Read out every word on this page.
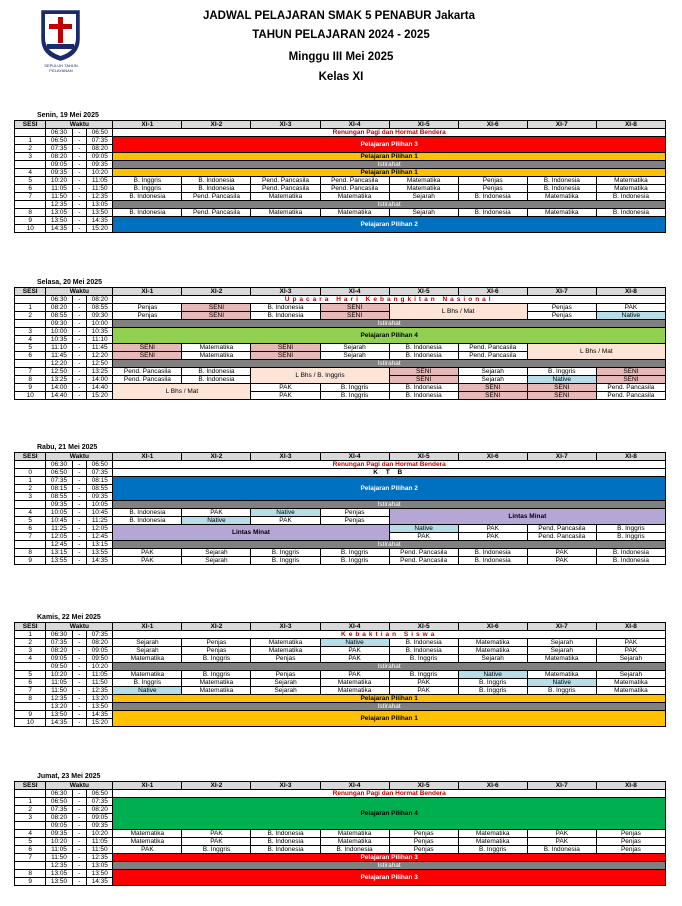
SEPULUH TAHUN PELAYANAN
JADWAL PELAJARAN SMAK 5 PENABUR Jakarta
TAHUN PELAJARAN 2024 - 2025
Minggu III Mei 2025
Kelas XI
Senin, 19 Mei 2025
SESI	Waktu			XI-1	XI-2	XI-3	XI-4	XI-5	XI-6	XI-7	XI-8
	06:30	-	06:50	Renungan Pagi dan Hormat Bendera							
1	06:50	-	07:35	Pelajaran Pilihan 3							
2	07:35	-	08:20								
3	08:20	-	09:05	Pelajaran Pilihan 1							
	09:05	-	09:35	Istirahat							
4	09:35	-	10:20	Pelajaran Pilihan 1							
5	10:20	-	11:05	B. Inggris	B. Indonesia	Pend. Pancasila	Pend. Pancasila	Matematika	Penjas	B. Indonesia	Matematika
6	11:05	-	11:50	B. Inggris	B. Indonesia	Pend. Pancasila	Pend. Pancasila	Matematika	Penjas	B. Indonesia	Matematika
7	11:50	-	12:35	B. Indonesia	Pend. Pancasila	Matematika	Matematika	Sejarah	B. Indonesia	Matematika	B. Indonesia
	12:35	-	13:05	Istirahat							
8	13:05	-	13:50	B. Indonesia	Pend. Pancasila	Matematika	Matematika	Sejarah	B. Indonesia	Matematika	B. Indonesia
9	13:50	-	14:35	Pelajaran Pilihan 2							
10	14:35	-	15:20								
Selasa, 20 Mei 2025
SESI	Waktu			XI-1	XI-2	XI-3	XI-4	XI-5	XI-6	XI-7	XI-8
	06:30	-	08:20	Upacara Hari Kebangkitan Nasional							
1	08:20	-	08:55	Penjas	SENI	B. Indonesia	SENI	L Bhs / Mat		Penjas	PAK
2	08:55	-	09:30	Penjas	SENI	B. Indonesia	SENI			Penjas	Native
	09:30	-	10:00	Istirahat							
3	10:00	-	10:35	Pelajaran Pilihan 4							
4	10:35	-	11:10								
5	11:10	-	11:45	SENI	Matematika	SENI	Sejarah	B. Indonesia	Pend. Pancasila	L Bhs / Mat	
6	11:45	-	12:20	SENI	Matematika	SENI	Sejarah	B. Indonesia	Pend. Pancasila		
	12:20	-	12:50	Istirahat							
7	12:50	-	13:25	Pend. Pancasila	B. Indonesia	L Bhs / B. Inggris		SENI	Sejarah	B. Inggris	SENI
8	13:25	-	14:00	Pend. Pancasila	B. Indonesia			SENI	Sejarah	Native	SENI
9	14:00	-	14:40	L Bhs / Mat		PAK	B. Inggris	B. Indonesia	SENI	SENI	Pend. Pancasila
10	14:40	-	15:20			PAK	B. Inggris	B. Indonesia	SENI	SENI	Pend. Pancasila
Rabu, 21 Mei 2025
SESI	Waktu			XI-1	XI-2	XI-3	XI-4	XI-5	XI-6	XI-7	XI-8
	06:30	-	06:50	Renungan Pagi dan Hormat Bendera							
0	06:50	-	07:35	K T B							
1	07:35	-	08:15	Pelajaran Pilihan 2							
2	08:15	-	08:55								
3	08:55	-	09:35								
	09:35	-	10:05	Istirahat							
4	10:05	-	10:45	B. Indonesia	PAK	Native	Penjas	Lintas Minat			
5	10:45	-	11:25	B. Indonesia	Native	PAK	Penjas				
6	11:25	-	12:05	Lintas Minat				Native	PAK	Pend. Pancasila	B. Inggris
7	12:05	-	12:45					PAK	PAK	Pend. Pancasila	B. Inggris
	12:45	-	13:15	Istirahat							
8	13:15	-	13:55	PAK	Sejarah	B. Inggris	B. Inggris	Pend. Pancasila	B. Indonesia	PAK	B. Indonesia
9	13:55	-	14:35	PAK	Sejarah	B. Inggris	B. Inggris	Pend. Pancasila	B. Indonesia	PAK	B. Indonesia
Kamis, 22 Mei 2025
SESI	Waktu			XI-1	XI-2	XI-3	XI-4	XI-5	XI-6	XI-7	XI-8
1	06:30	-	07:35	Kebaktian Siswa							
2	07:35	-	08:20	Sejarah	Penjas	Matematika	Native	B. Indonesia	Matematika	Sejarah	PAK
3	08:20	-	09:05	Sejarah	Penjas	Matematika	PAK	B. Indonesia	Matematika	Sejarah	PAK
4	09:05	-	09:50	Matematika	B. Inggris	Penjas	PAK	B. Inggris	Sejarah	Matematika	Sejarah
	09:50	-	10:20	Istirahat							
5	10:20	-	11:05	Matematika	B. Inggris	Penjas	PAK	B. Inggris	Native	Matematika	Sejarah
6	11:05	-	11:50	B. Inggris	Matematika	Sejarah	Matematika	PAK	B. Inggris	Native	Matematika
7	11:50	-	12:35	Native	Matematika	Sejarah	Matematika	PAK	B. Inggris	B. Inggris	Matematika
8	12:35	-	13:20	Pelajaran Pilihan 1							
	13:20	-	13:50	Istirahat							
9	13:50	-	14:35	Pelajaran Pilihan 1							
10	14:35	-	15:20								
Jumat, 23 Mei 2025
SESI	Waktu			XI-1	XI-2	XI-3	XI-4	XI-5	XI-6	XI-7	XI-8
	06:30	-	06:50	Renungan Pagi dan Hormat Bendera							
1	06:50	-	07:35	Pelajaran Pilihan 4							
2	07:35	-	08:20								
3	08:20	-	09:05								
	09:05	-	09:35								
4	09:35	-	10:20	Matematika	PAK	B. Indonesia	Matematika	Penjas	Matematika	PAK	Penjas
5	10:20	-	11:05	Matematika	PAK	B. Indonesia	Matematika	Penjas	Matematika	PAK	Penjas
6	11:05	-	11:50	PAK	B. Inggris	B. Indonesia	B. Indonesia	Penjas	B. Inggris	B. Indonesia	Penjas
7	11:50	-	12:35	Pelajaran Pilihan 3							
	12:35	-	13:05	Istirahat							
8	13:05	-	13:50	Pelajaran Pilihan 3							
9	13:50	-	14:35								
